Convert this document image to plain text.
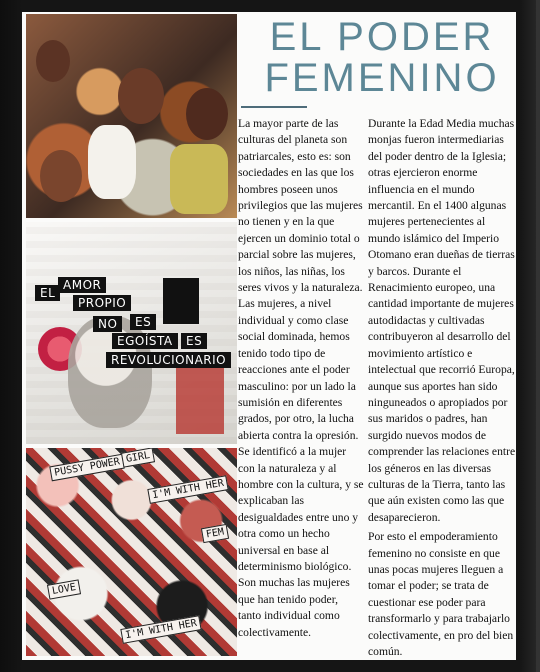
EL
AMOR
PROPIO
NO	ES
EGOÍSTA	ES
REVOLUCIONARIO
PUSSY POWER GIRL
I'M WITH HER
FEM
LOVE
I'M WITH HER
EL PODER
FEMENINO

La mayor parte de las culturas del planeta son patriarcales, esto es: son sociedades en las que los hombres poseen unos privilegios que las mujeres no tienen y en la que ejercen un dominio total o parcial sobre las mujeres, los niños, las niñas, los seres vivos y la naturaleza. Las mujeres, a nivel individual y como clase social dominada, hemos tenido todo tipo de reacciones ante el poder masculino: por un lado la sumisión en diferentes grados, por otro, la lucha abierta contra la opresión. Se identificó a la mujer con la naturaleza y al hombre con la cultura, y se explicaban las desigualdades entre uno y otra como un hecho universal en base al determinismo biológico. Son muchas las mujeres que han tenido poder, tanto individual como colectivamente.

Durante la Edad Media muchas monjas fueron intermediarias del poder dentro de la Iglesia; otras ejercieron enorme influencia en el mundo mercantil. En el 1400 algunas mujeres pertenecientes al mundo islámico del Imperio Otomano eran dueñas de tierras y barcos. Durante el Renacimiento europeo, una cantidad importante de mujeres autodidactas y cultivadas contribuyeron al desarrollo del movimiento artístico e intelectual que recorrió Europa, aunque sus aportes han sido ninguneados o apropiados por sus maridos o padres, han surgido nuevos modos de comprender las relaciones entre los géneros en las diversas culturas de la Tierra, tanto las que aún existen como las que desaparecieron.

Por esto el empoderamiento femenino no consiste en que unas pocas mujeres lleguen a tomar el poder; se trata de cuestionar ese poder para transformarlo y para trabajarlo colectivamente, en pro del bien común.
